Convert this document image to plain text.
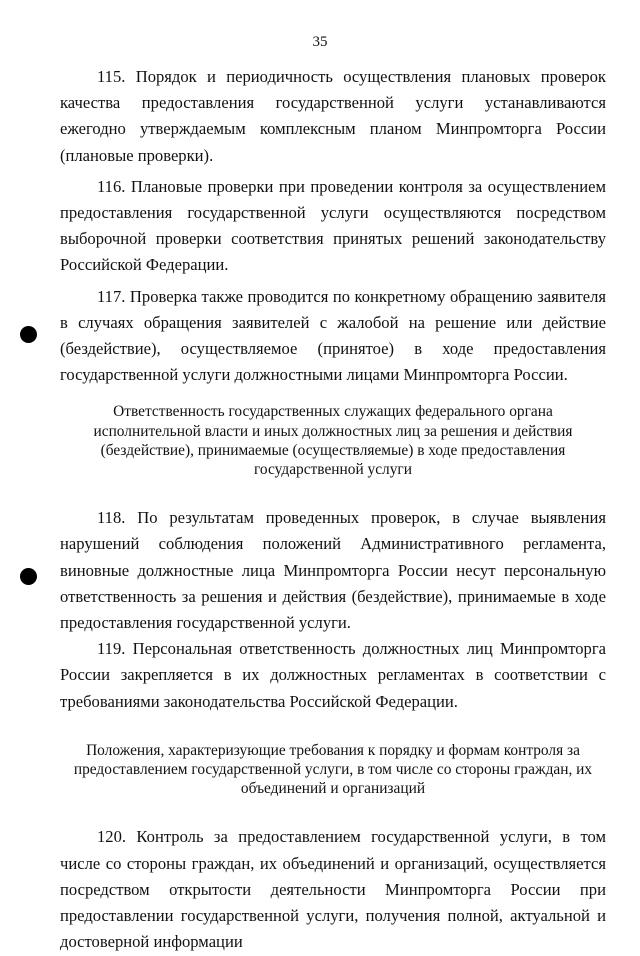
35

115. Порядок и периодичность осуществления плановых проверок качества предоставления государственной услуги устанавливаются ежегодно утверждаемым комплексным планом Минпромторга России (плановые проверки).

116. Плановые проверки при проведении контроля за осуществлением предоставления государственной услуги осуществляются посредством выборочной проверки соответствия принятых решений законодательству Российской Федерации.

117. Проверка также проводится по конкретному обращению заявителя в случаях обращения заявителей с жалобой на решение или действие (бездействие), осуществляемое (принятое) в ходе предоставления государственной услуги должностными лицами Минпромторга России.

Ответственность государственных служащих федерального органа исполнительной власти и иных должностных лиц за решения и действия (бездействие), принимаемые (осуществляемые) в ходе предоставления государственной услуги

118. По результатам проведенных проверок, в случае выявления нарушений соблюдения положений Административного регламента, виновные должностные лица Минпромторга России несут персональную ответственность за решения и действия (бездействие), принимаемые в ходе предоставления государственной услуги.

119. Персональная ответственность должностных лиц Минпромторга России закрепляется в их должностных регламентах в соответствии с требованиями законодательства Российской Федерации.

Положения, характеризующие требования к порядку и формам контроля за предоставлением государственной услуги, в том числе со стороны граждан, их объединений и организаций

120. Контроль за предоставлением государственной услуги, в том числе со стороны граждан, их объединений и организаций, осуществляется посредством открытости деятельности Минпромторга России при предоставлении государственной услуги, получения полной, актуальной и достоверной информации
